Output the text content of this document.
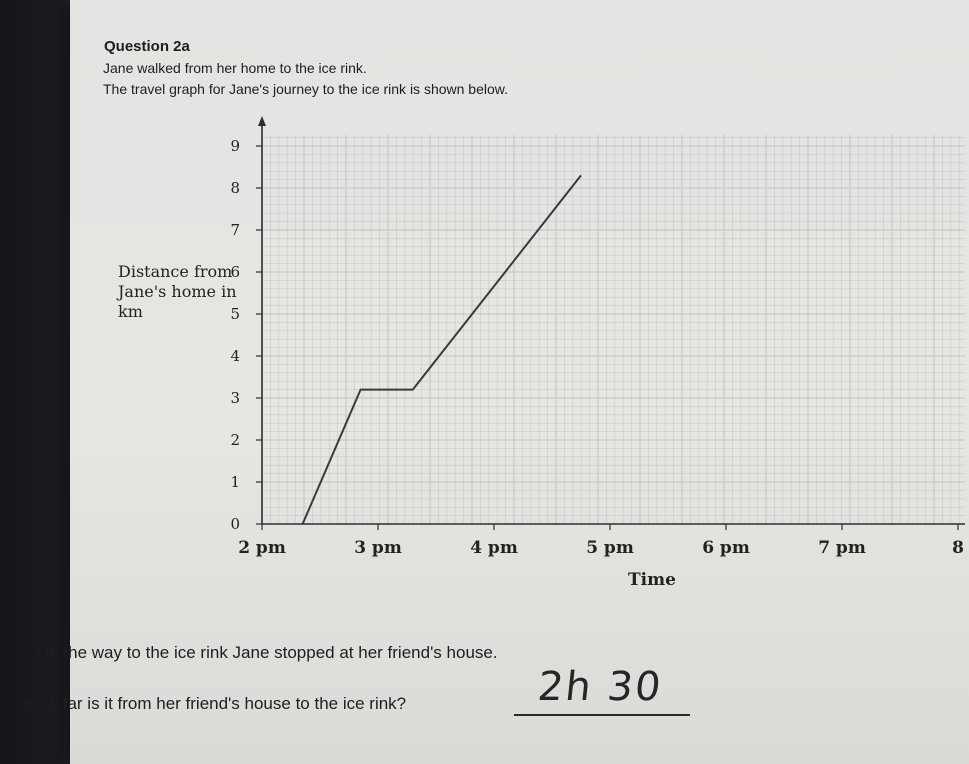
Question 2a
Jane walked from her home to the ice rink.
The travel graph for Jane's journey to the ice rink is shown below.
0
1
2
3
4
5
6
7
8
9
2 pm	3 pm	4 pm	5 pm	6 pm	7 pm	8
Time
Distance from Jane's home in km
On the way to the ice rink Jane stopped at her friend's house.
How far is it from her friend's house to the ice rink?	2h 30
